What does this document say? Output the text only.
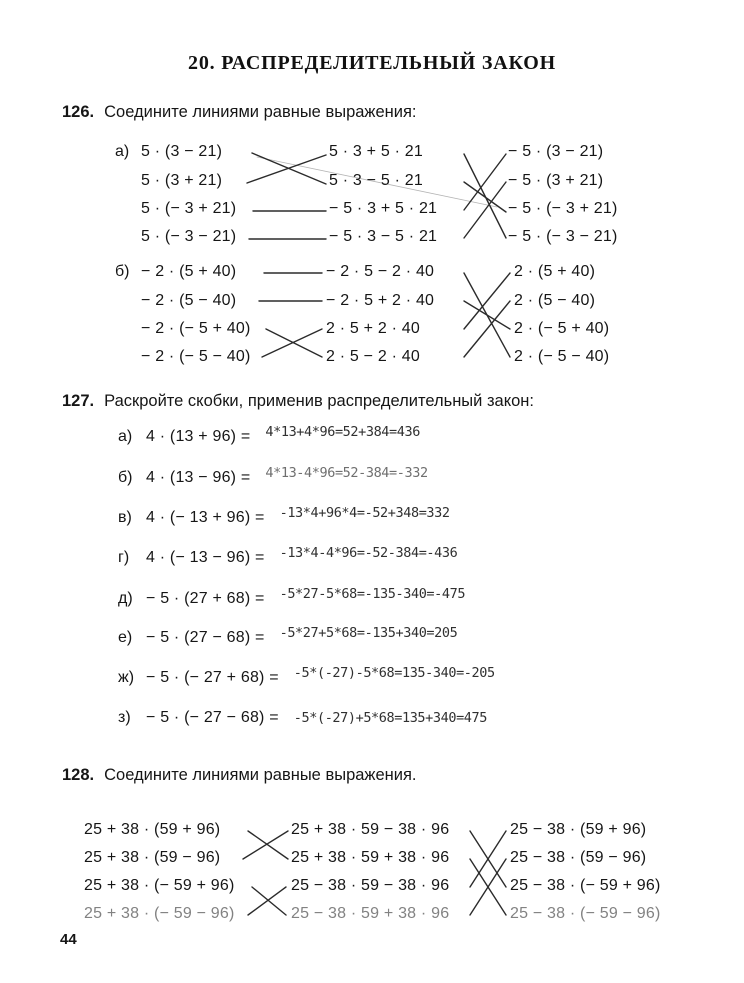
20. РАСПРЕДЕЛИТЕЛЬНЫЙ ЗАКОН
126. Соедините линиями равные выражения:
а) 5 · (3 − 21)
5 · (3 + 21)
5 · (− 3 + 21)
5 · (− 3 − 21)
5 · 3 + 5 · 21
5 · 3 − 5 · 21
− 5 · 3 + 5 · 21
− 5 · 3 − 5 · 21
− 5 · (3 − 21)
− 5 · (3 + 21)
− 5 · (− 3 + 21)
− 5 · (− 3 − 21)
б) − 2 · (5 + 40)
− 2 · (5 − 40)
− 2 · (− 5 + 40)
− 2 · (− 5 − 40)
− 2 · 5 − 2 · 40
− 2 · 5 + 2 · 40
2 · 5 + 2 · 40
2 · 5 − 2 · 40
2 · (5 + 40)
2 · (5 − 40)
2 · (− 5 + 40)
2 · (− 5 − 40)
127. Раскройте скобки, применив распределительный закон:
а) 4 · (13 + 96) = 4*13+4*96=52+384=436
б) 4 · (13 − 96) = 4*13-4*96=52-384=-332
в) 4 · (− 13 + 96) = -13*4+96*4=-52+348=332
г)	4 · (− 13 − 96) = -13*4-4*96=-52-384=-436
д) − 5 · (27 + 68) = -5*27-5*68=-135-340=-475
е) − 5 · (27 − 68) = -5*27+5*68=-135+340=205
ж) − 5 · (− 27 + 68) = -5*(-27)-5*68=135-340=-205
з) − 5 · (− 27 − 68) = -5*(-27)+5*68=135+340=475
128. Соедините линиями равные выражения.
25 + 38 · (59 + 96)
25 + 38 · (59 − 96)
25 + 38 · (− 59 + 96)
25 + 38 · (− 59 − 96)
25 + 38 · 59 − 38 · 96
25 + 38 · 59 + 38 · 96
25 − 38 · 59 − 38 · 96
25 − 38 · 59 + 38 · 96
25 − 38 · (59 + 96)
25 − 38 · (59 − 96)
25 − 38 · (− 59 + 96)
25 − 38 · (− 59 − 96)
44
